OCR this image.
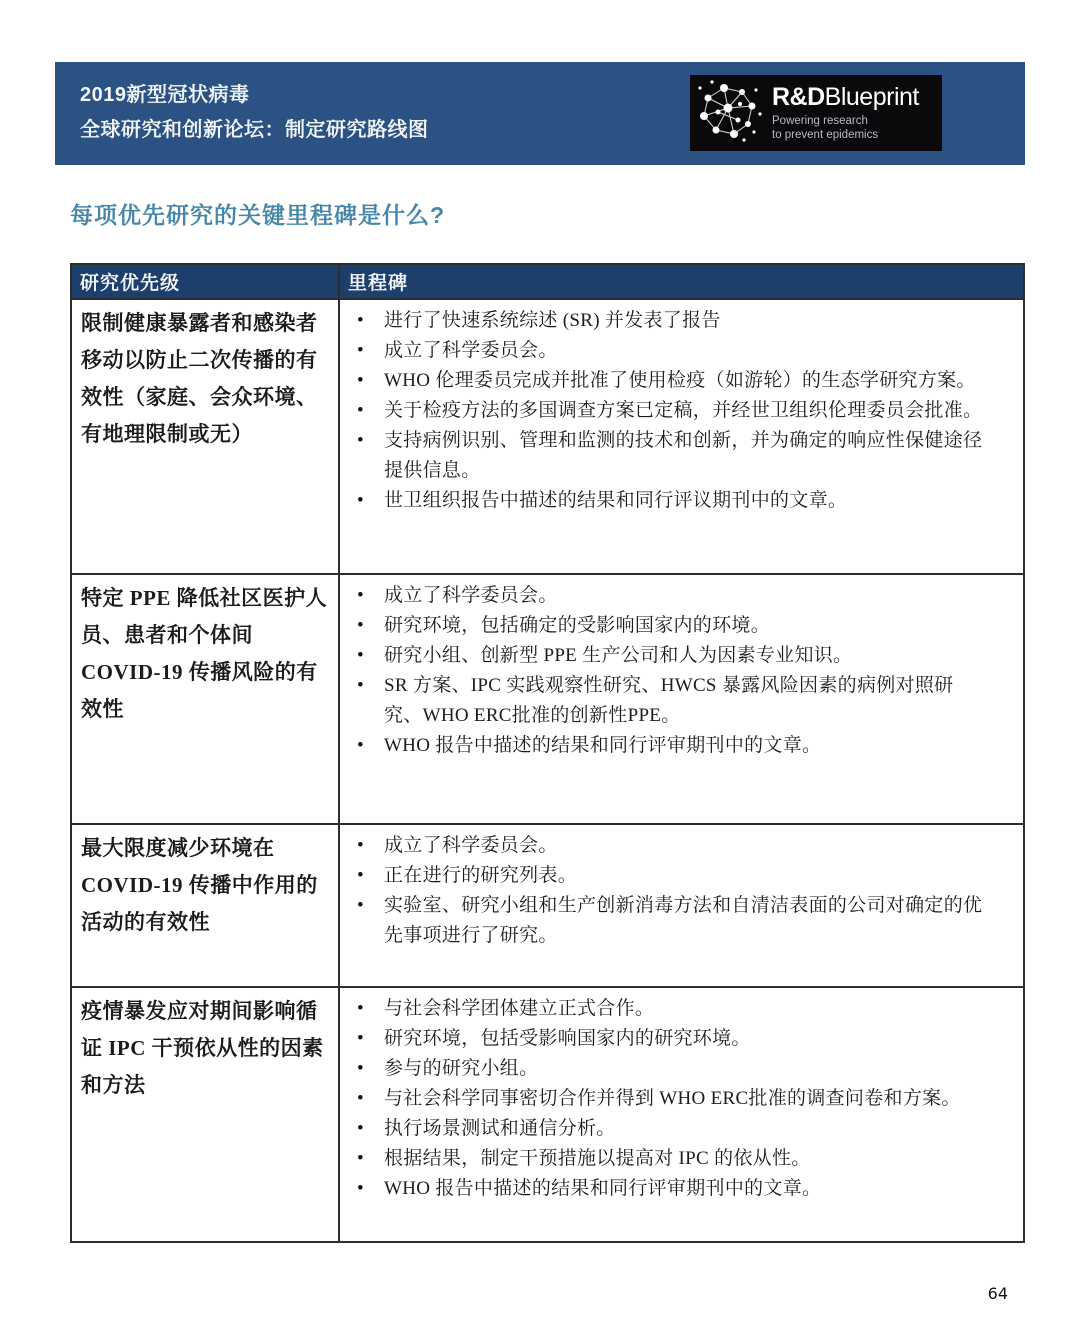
2019新型冠状病毒
全球研究和创新论坛：制定研究路线图
R&DBlueprint
Powering research
to prevent epidemics
每项优先研究的关键里程碑是什么?
研究优先级	里程碑
限制健康暴露者和感染者移动以防止二次传播的有效性（家庭、会众环境、有地理限制或无）	
• 进行了快速系统综述 (SR) 并发表了报告
• 成立了科学委员会。
• WHO 伦理委员完成并批准了使用检疫（如游轮）的生态学研究方案。
• 关于检疫方法的多国调查方案已定稿，并经世卫组织伦理委员会批准。
• 支持病例识别、管理和监测的技术和创新，并为确定的响应性保健途径提供信息。
• 世卫组织报告中描述的结果和同行评议期刊中的文章。

特定 PPE 降低社区医护人员、患者和个体间 COVID-19 传播风险的有效性	
• 成立了科学委员会。
• 研究环境，包括确定的受影响国家内的环境。
• 研究小组、创新型 PPE 生产公司和人为因素专业知识。
• SR 方案、IPC 实践观察性研究、HWCS 暴露风险因素的病例对照研究、WHO ERC批准的创新性PPE。
• WHO 报告中描述的结果和同行评审期刊中的文章。

最大限度减少环境在 COVID-19 传播中作用的活动的有效性	
• 成立了科学委员会。
• 正在进行的研究列表。
• 实验室、研究小组和生产创新消毒方法和自清洁表面的公司对确定的优先事项进行了研究。

疫情暴发应对期间影响循证 IPC 干预依从性的因素和方法	
• 与社会科学团体建立正式合作。
• 研究环境，包括受影响国家内的研究环境。
• 参与的研究小组。
• 与社会科学同事密切合作并得到 WHO ERC批准的调查问卷和方案。
• 执行场景测试和通信分析。
• 根据结果，制定干预措施以提高对 IPC 的依从性。
• WHO 报告中描述的结果和同行评审期刊中的文章。
64
